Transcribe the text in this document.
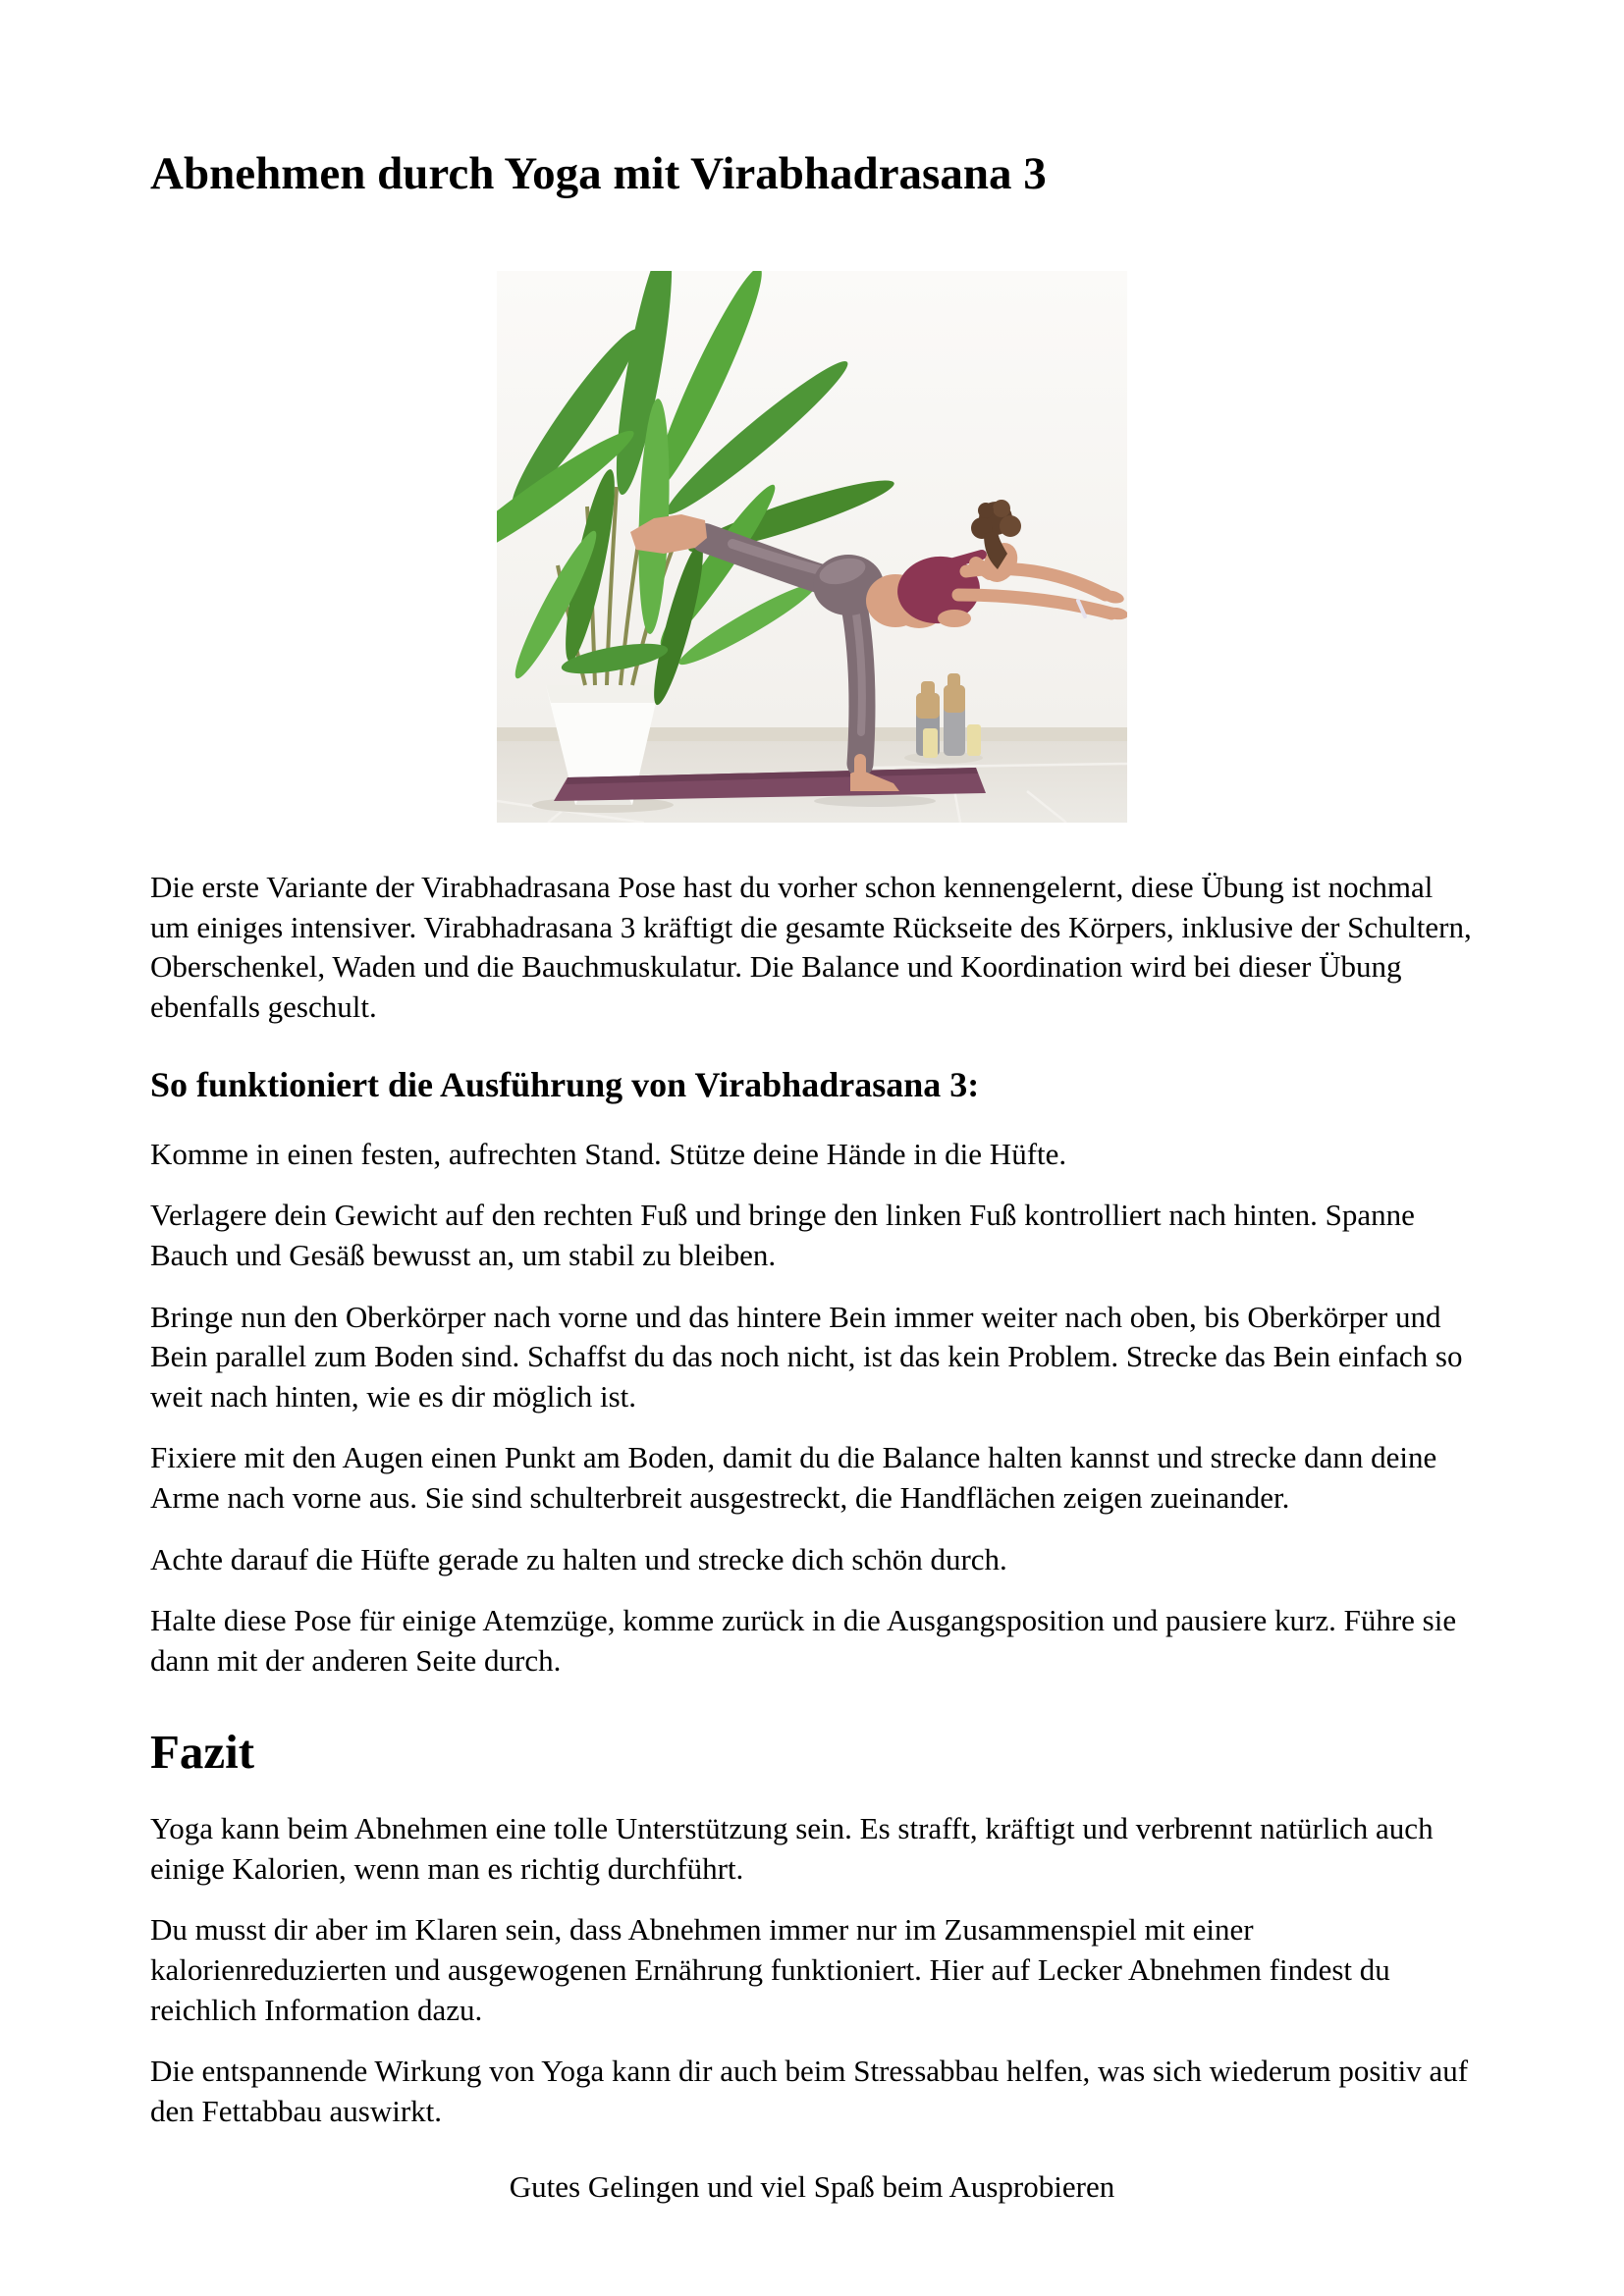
Abnehmen durch Yoga mit Virabhadrasana 3

Die erste Variante der Virabhadrasana Pose hast du vorher schon kennengelernt, diese Übung ist nochmal um einiges intensiver. Virabhadrasana 3 kräftigt die gesamte Rückseite des Körpers, inklusive der Schultern, Oberschenkel, Waden und die Bauchmuskulatur. Die Balance und Koordination wird bei dieser Übung ebenfalls geschult.

So funktioniert die Ausführung von Virabhadrasana 3:

Komme in einen festen, aufrechten Stand. Stütze deine Hände in die Hüfte.

Verlagere dein Gewicht auf den rechten Fuß und bringe den linken Fuß kontrolliert nach hinten. Spanne Bauch und Gesäß bewusst an, um stabil zu bleiben.

Bringe nun den Oberkörper nach vorne und das hintere Bein immer weiter nach oben, bis Oberkörper und Bein parallel zum Boden sind. Schaffst du das noch nicht, ist das kein Problem. Strecke das Bein einfach so weit nach hinten, wie es dir möglich ist.

Fixiere mit den Augen einen Punkt am Boden, damit du die Balance halten kannst und strecke dann deine Arme nach vorne aus. Sie sind schulterbreit ausgestreckt, die Handflächen zeigen zueinander.

Achte darauf die Hüfte gerade zu halten und strecke dich schön durch.

Halte diese Pose für einige Atemzüge, komme zurück in die Ausgangsposition und pausiere kurz. Führe sie dann mit der anderen Seite durch.

Fazit

Yoga kann beim Abnehmen eine tolle Unterstützung sein. Es strafft, kräftigt und verbrennt natürlich auch einige Kalorien, wenn man es richtig durchführt.

Du musst dir aber im Klaren sein, dass Abnehmen immer nur im Zusammenspiel mit einer kalorienreduzierten und ausgewogenen Ernährung funktioniert. Hier auf Lecker Abnehmen findest du reichlich Information dazu.

Die entspannende Wirkung von Yoga kann dir auch beim Stressabbau helfen, was sich wiederum positiv auf den Fettabbau auswirkt.

Gutes Gelingen und viel Spaß beim Ausprobieren
